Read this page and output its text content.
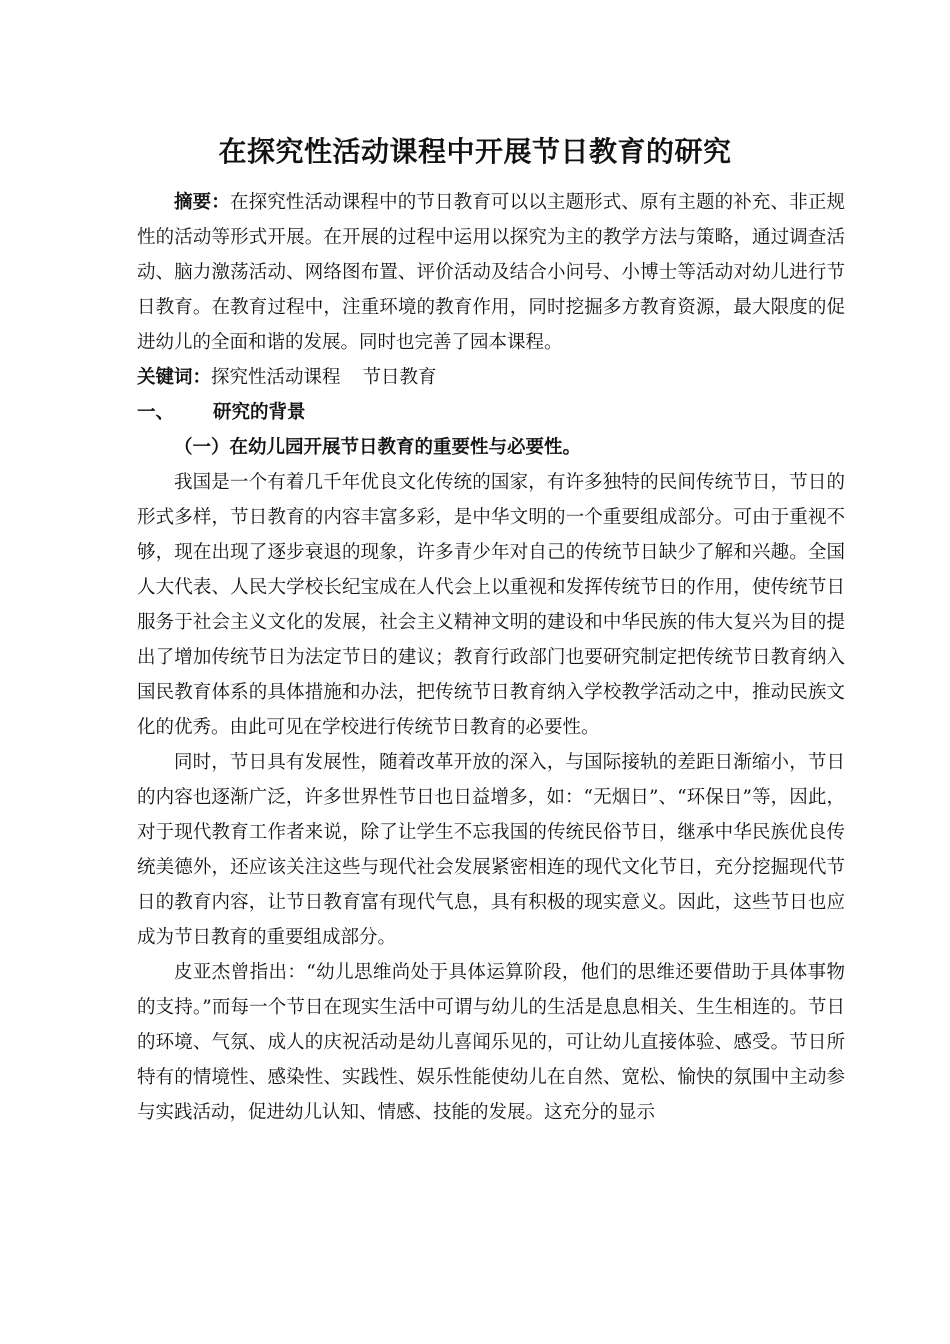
在探究性活动课程中开展节日教育的研究

摘要：在探究性活动课程中的节日教育可以以主题形式、原有主题的补充、非正规性的活动等形式开展。在开展的过程中运用以探究为主的教学方法与策略，通过调查活动、脑力激荡活动、网络图布置、评价活动及结合小问号、小博士等活动对幼儿进行节日教育。在教育过程中，注重环境的教育作用，同时挖掘多方教育资源，最大限度的促进幼儿的全面和谐的发展。同时也完善了园本课程。

关键词：探究性活动课程 节日教育

一、 研究的背景

（一）在幼儿园开展节日教育的重要性与必要性。

我国是一个有着几千年优良文化传统的国家，有许多独特的民间传统节日，节日的形式多样，节日教育的内容丰富多彩，是中华文明的一个重要组成部分。可由于重视不够，现在出现了逐步衰退的现象，许多青少年对自己的传统节日缺少了解和兴趣。全国人大代表、人民大学校长纪宝成在人代会上以重视和发挥传统节日的作用，使传统节日服务于社会主义文化的发展，社会主义精神文明的建设和中华民族的伟大复兴为目的提出了增加传统节日为法定节日的建议；教育行政部门也要研究制定把传统节日教育纳入国民教育体系的具体措施和办法，把传统节日教育纳入学校教学活动之中，推动民族文化的优秀。由此可见在学校进行传统节日教育的必要性。

同时，节日具有发展性，随着改革开放的深入，与国际接轨的差距日渐缩小，节日的内容也逐渐广泛，许多世界性节日也日益增多，如：“无烟日”、“环保日”等，因此，对于现代教育工作者来说，除了让学生不忘我国的传统民俗节日，继承中华民族优良传统美德外，还应该关注这些与现代社会发展紧密相连的现代文化节日，充分挖掘现代节日的教育内容，让节日教育富有现代气息，具有积极的现实意义。因此，这些节日也应成为节日教育的重要组成部分。

皮亚杰曾指出：“幼儿思维尚处于具体运算阶段，他们的思维还要借助于具体事物的支持。”而每一个节日在现实生活中可谓与幼儿的生活是息息相关、生生相连的。节日的环境、气氛、成人的庆祝活动是幼儿喜闻乐见的，可让幼儿直接体验、感受。节日所特有的情境性、感染性、实践性、娱乐性能使幼儿在自然、宽松、愉快的氛围中主动参与实践活动，促进幼儿认知、情感、技能的发展。这充分的显示
